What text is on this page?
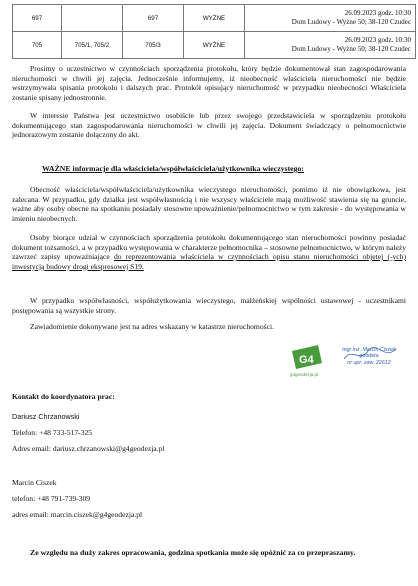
697		697	WYŻNE	26.09.2023 godz. 10:30
Dom Ludowy - Wyżne 50; 38-120 Czudec

705	705/1, 705/2	705/3	WYŻNE	26.09.2023 godz. 10:30
Dom Ludowy - Wyżne 50; 38-120 Czudec
Prosimy o uczestnictwo w czynnościach sporządzenia protokołu, który będzie dokumentował stan zagospodarowania nieruchomości w chwili jej zajęcia. Jednocześnie informujemy, iż nieobecność właściciela nieruchomości nie będzie wstrzymywała spisania protokołu i dalszych prac. Protokół opisujący nieruchomość w przypadku nieobecności Właściciela zostanie spisany jednostronnie.
W interesie Państwa jest uczestnictwo osobiście lub przez swojego przedstawiciela w sporządzeniu protokołu dokumentującego stan zagospodarowania nieruchomości w chwili jej zajęcia. Dokument świadczący o pełnomocnictwie jednorazowym zostanie dołączony do akt.
WAŻNE informacje dla właściciela/współwłaściciela/użytkownika wieczystego:
Obecność właściciela/współwłaściciela/użytkownika wieczystego nieruchomości, pomimo iż nie obowiązkowa, jest zalecana. W przypadku, gdy działka jest współwłasnością i nie wszyscy właściciele mają możliwość stawienia się na gruncie, ważne aby osoby obecne na spotkaniu posiadały stosowne upoważnienie/pełnomocnictwo w tym zakresie - do występowania w imieniu nieobecnych.
Osoby biorące udział w czynnościach sporządzenia protokołu dokumentującego stan nieruchomości powinny posiadać dokument tożsamości, a w przypadku występowania w charakterze pełnomocnika – stosowne pełnomocnictwo, w którym należy zawrzeć zapisy upoważniające do reprezentowania właściciela w czynnościach opisu stanu nieruchomości objętej (-ych) inwestycją budowy drogi ekspresowej S19.
W przypadku współwłasności, współużytkowania wieczystego, małżeńskiej wspólności ustawowej - uczestnikami postępowania są wszystkie strony.
Zawiadomienie dokonywane jest na adres wskazany w katastrze nieruchomości.
G4
g4geodezja.pl
mgr inż. Marcin Ciszek
geodeta
nr upr. zaw. 22612
Kontakt do koordynatora prac:
Dariusz Chrzanowski
Telefon: +48 733-517-325
Adres email: dariusz.chrzanowski@g4geodezja.pl
Marcin Ciszek
telefon: +48 791-739-309
adres email: marcin.ciszek@g4geodezja.pl
Ze względu na duży zakres opracowania, godzina spotkania może się opóźnić za co przepraszamy.
